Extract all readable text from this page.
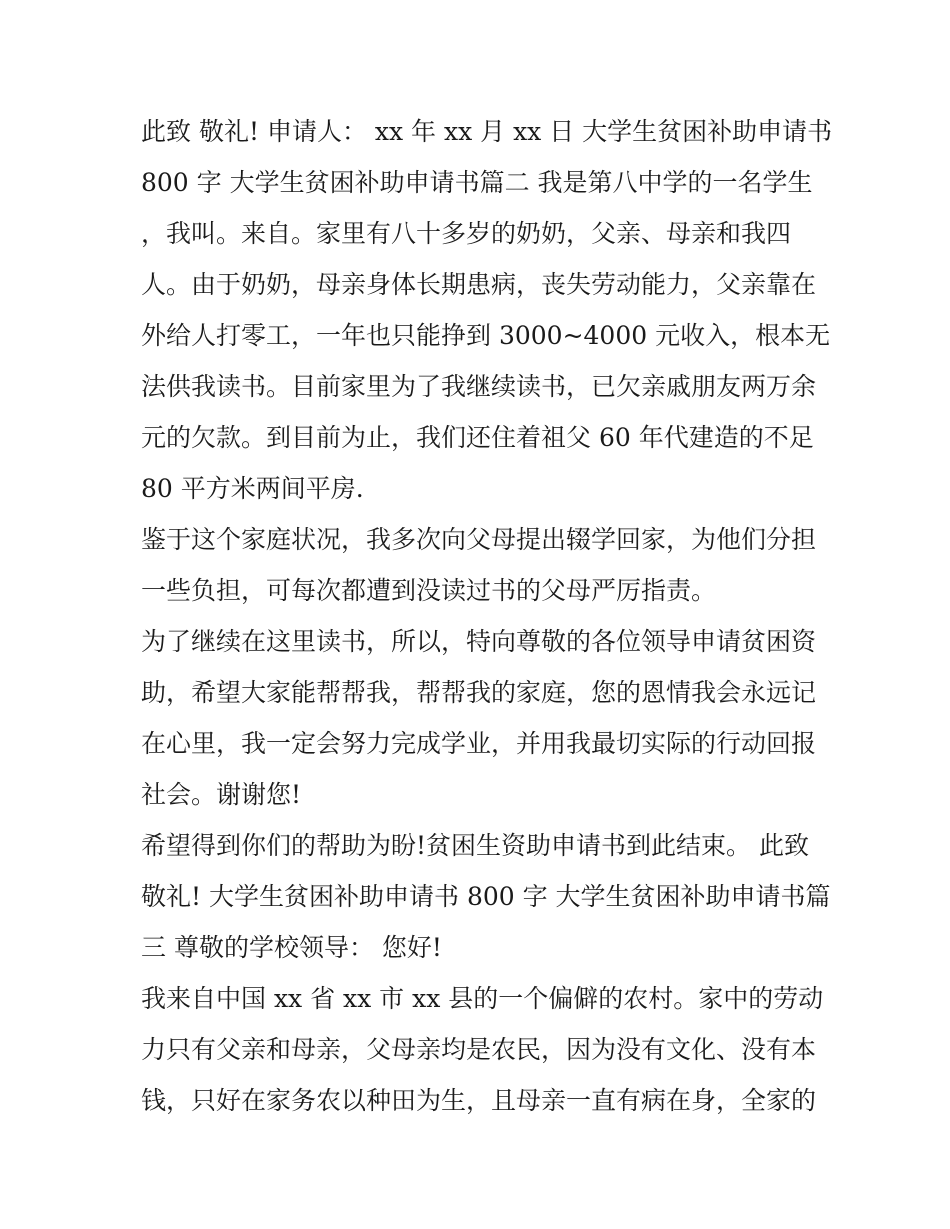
此致 敬礼! 申请人： xx 年 xx 月 xx 日 大学生贫困补助申请书
800 字 大学生贫困补助申请书篇二 我是第八中学的一名学生
，我叫。来自。家里有八十多岁的奶奶，父亲、母亲和我四
人。由于奶奶，母亲身体长期患病，丧失劳动能力，父亲靠在
外给人打零工，一年也只能挣到 3000~4000 元收入，根本无
法供我读书。目前家里为了我继续读书，已欠亲戚朋友两万余
元的欠款。到目前为止，我们还住着祖父 60 年代建造的不足
80 平方米两间平房.
鉴于这个家庭状况，我多次向父母提出辍学回家，为他们分担
一些负担，可每次都遭到没读过书的父母严厉指责。
为了继续在这里读书，所以，特向尊敬的各位领导申请贫困资
助，希望大家能帮帮我，帮帮我的家庭，您的恩情我会永远记
在心里，我一定会努力完成学业，并用我最切实际的行动回报
社会。谢谢您!
希望得到你们的帮助为盼!贫困生资助申请书到此结束。 此致
敬礼! 大学生贫困补助申请书 800 字 大学生贫困补助申请书篇
三 尊敬的学校领导： 您好!
我来自中国 xx 省 xx 市 xx 县的一个偏僻的农村。家中的劳动
力只有父亲和母亲，父母亲均是农民，因为没有文化、没有本
钱，只好在家务农以种田为生，且母亲一直有病在身，全家的
